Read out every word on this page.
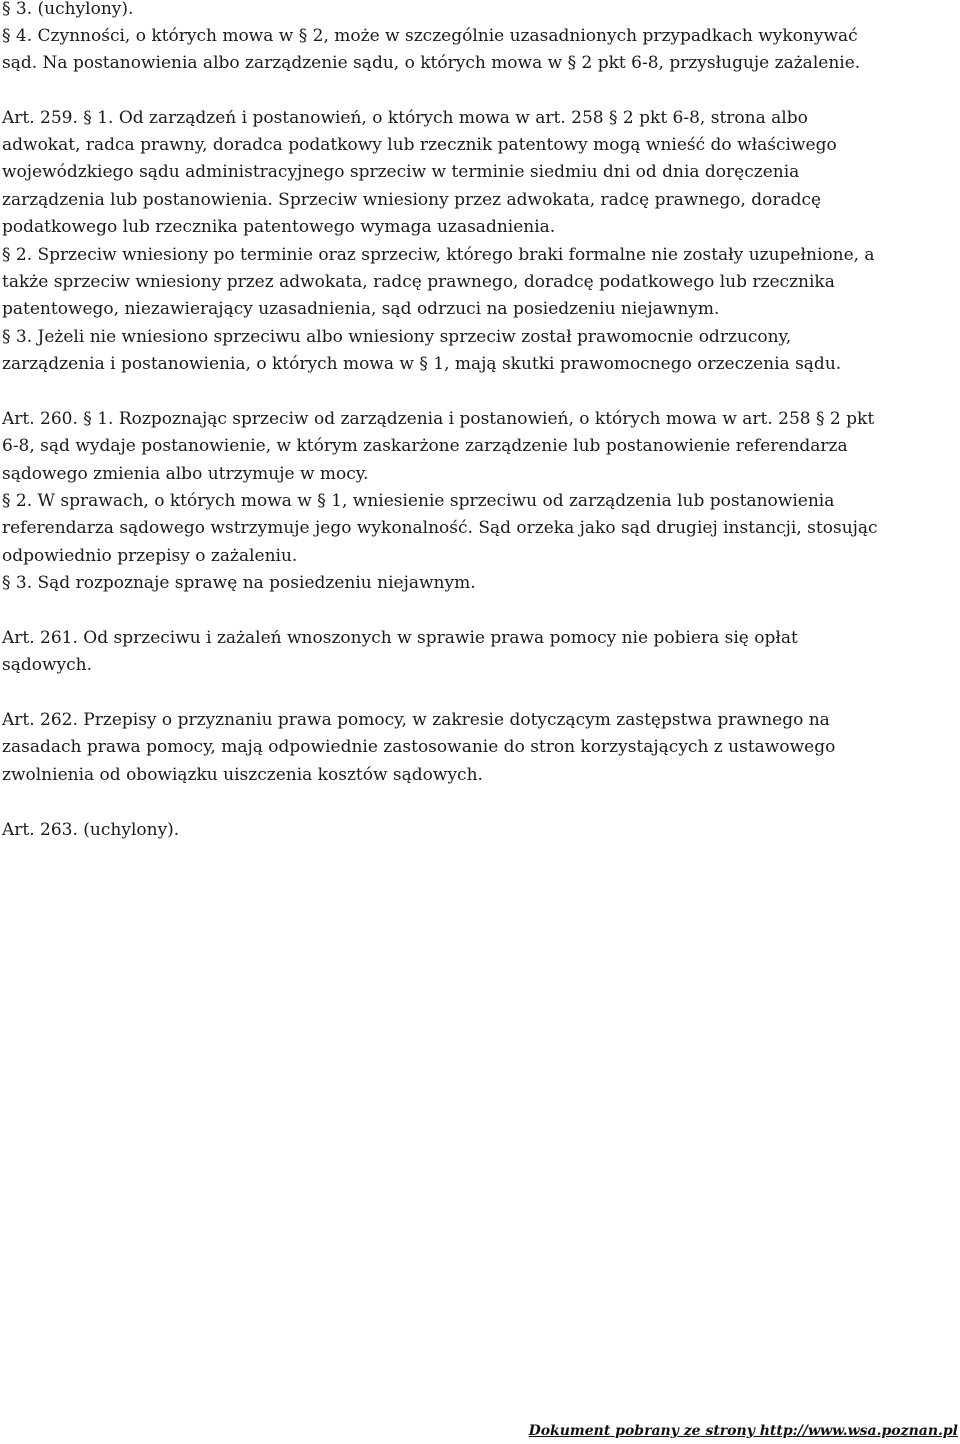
§ 3. (uchylony).

§ 4. Czynności, o których mowa w § 2, może w szczególnie uzasadnionych przypadkach wykonywać

sąd. Na postanowienia albo zarządzenie sądu, o których mowa w § 2 pkt 6-8, przysługuje zażalenie.

Art. 259. § 1. Od zarządzeń i postanowień, o których mowa w art. 258 § 2 pkt 6-8, strona albo

adwokat, radca prawny, doradca podatkowy lub rzecznik patentowy mogą wnieść do właściwego

wojewódzkiego sądu administracyjnego sprzeciw w terminie siedmiu dni od dnia doręczenia

zarządzenia lub postanowienia. Sprzeciw wniesiony przez adwokata, radcę prawnego, doradcę

podatkowego lub rzecznika patentowego wymaga uzasadnienia.

§ 2. Sprzeciw wniesiony po terminie oraz sprzeciw, którego braki formalne nie zostały uzupełnione, a

także sprzeciw wniesiony przez adwokata, radcę prawnego, doradcę podatkowego lub rzecznika

patentowego, niezawierający uzasadnienia, sąd odrzuci na posiedzeniu niejawnym.

§ 3. Jeżeli nie wniesiono sprzeciwu albo wniesiony sprzeciw został prawomocnie odrzucony,

zarządzenia i postanowienia, o których mowa w § 1, mają skutki prawomocnego orzeczenia sądu.

Art. 260. § 1. Rozpoznając sprzeciw od zarządzenia i postanowień, o których mowa w art. 258 § 2 pkt

6-8, sąd wydaje postanowienie, w którym zaskarżone zarządzenie lub postanowienie referendarza

sądowego zmienia albo utrzymuje w mocy.

§ 2. W sprawach, o których mowa w § 1, wniesienie sprzeciwu od zarządzenia lub postanowienia

referendarza sądowego wstrzymuje jego wykonalność. Sąd orzeka jako sąd drugiej instancji, stosując

odpowiednio przepisy o zażaleniu.

§ 3. Sąd rozpoznaje sprawę na posiedzeniu niejawnym.

Art. 261. Od sprzeciwu i zażaleń wnoszonych w sprawie prawa pomocy nie pobiera się opłat

sądowych.

Art. 262. Przepisy o przyznaniu prawa pomocy, w zakresie dotyczącym zastępstwa prawnego na

zasadach prawa pomocy, mają odpowiednie zastosowanie do stron korzystających z ustawowego

zwolnienia od obowiązku uiszczenia kosztów sądowych.

Art. 263. (uchylony).

Dokument pobrany ze strony http://www.wsa.poznan.pl
